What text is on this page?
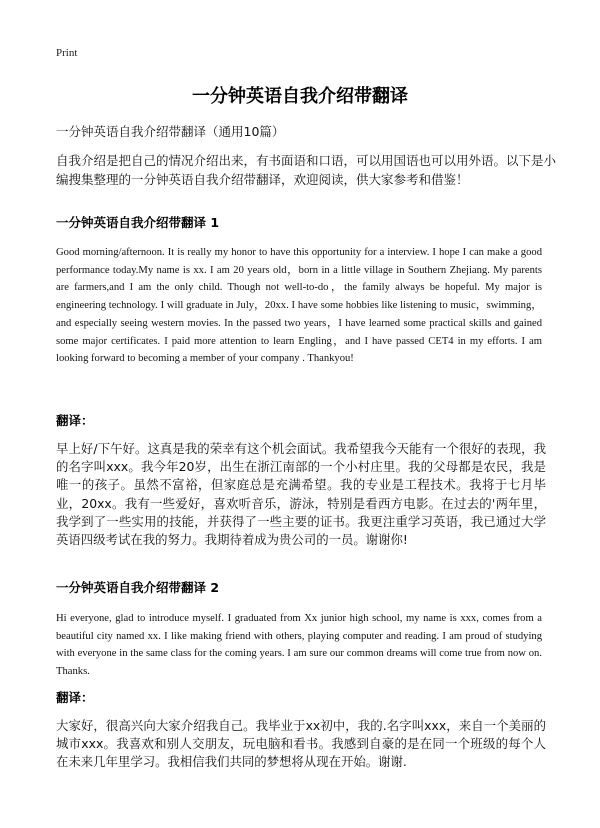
Print
一分钟英语自我介绍带翻译
一分钟英语自我介绍带翻译（通用10篇）
自我介绍是把自己的情况介绍出来，有书面语和口语，可以用国语也可以用外语。以下是小编搜集整理的一分钟英语自我介绍带翻译，欢迎阅读，供大家参考和借鉴！
一分钟英语自我介绍带翻译 1
Good morning/afternoon. It is really my honor to have this opportunity for a interview. I hope I can make a good performance today.My name is xx. I am 20 years old，born in a little village in Southern Zhejiang. My parents are farmers,and I am the only child. Though not well-to-do，the family always be hopeful. My major is engineering technology. I will graduate in July，20xx. I have some hobbies like listening to music，swimming，and especially seeing western movies. In the passed two years，I have learned some practical skills and gained some major certificates. I paid more attention to learn Engling，and I have passed CET4 in my efforts. I am looking forward to becoming a member of your company . Thankyou!
翻译：
早上好/下午好。这真是我的荣幸有这个机会面试。我希望我今天能有一个很好的表现，我的名字叫xxx。我今年20岁，出生在浙江南部的一个小村庄里。我的父母都是农民，我是唯一的孩子。虽然不富裕，但家庭总是充满希望。我的专业是工程技术。我将于七月毕业，20xx。我有一些爱好，喜欢听音乐，游泳，特别是看西方电影。在过去的'两年里，我学到了一些实用的技能，并获得了一些主要的证书。我更注重学习英语，我已通过大学英语四级考试在我的努力。我期待着成为贵公司的一员。谢谢你!
一分钟英语自我介绍带翻译 2
Hi everyone, glad to introduce myself. I graduated from Xx junior high school, my name is xxx, comes from a beautiful city named xx. I like making friend with others, playing computer and reading. I am proud of studying with everyone in the same class for the coming years. I am sure our common dreams will come true from now on. Thanks.
翻译：
大家好，很高兴向大家介绍我自己。我毕业于xx初中，我的.名字叫xxx，来自一个美丽的城市xxx。我喜欢和别人交朋友，玩电脑和看书。我感到自豪的是在同一个班级的每个人在未来几年里学习。我相信我们共同的梦想将从现在开始。谢谢.
